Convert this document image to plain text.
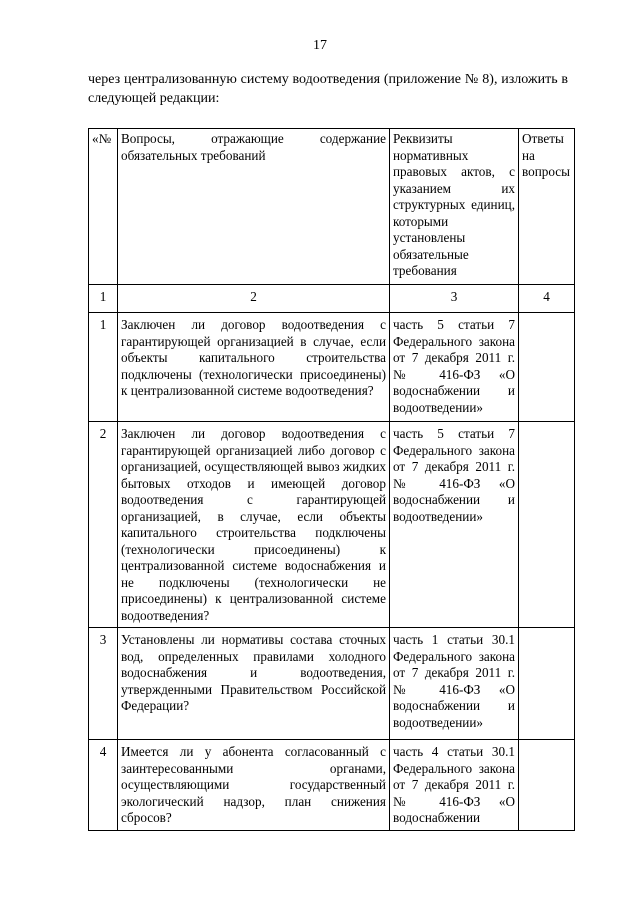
17

через централизованную систему водоотведения (приложение № 8), изложить в следующей редакции:

«№	Вопросы, отражающие содержание обязательных требований	Реквизиты нормативных правовых актов, с указанием их структурных единиц, которыми установлены обязательные требования	Ответы на вопросы
1	2	3	4
1	Заключен ли договор водоотведения с гарантирующей организацией в случае, если объекты капитального строительства подключены (технологически присоединены) к централизованной системе водоотведения?	часть 5 статьи 7 Федерального закона от 7 декабря 2011 г. № 416-ФЗ «О водоснабжении и водоотведении»	
2	Заключен ли договор водоотведения с гарантирующей организацией либо договор с организацией, осуществляющей вывоз жидких бытовых отходов и имеющей договор водоотведения с гарантирующей организацией, в случае, если объекты капитального строительства подключены (технологически присоединены) к централизованной системе водоснабжения и не подключены (технологически не присоединены) к централизованной системе водоотведения?	часть 5 статьи 7 Федерального закона от 7 декабря 2011 г. № 416-ФЗ «О водоснабжении и водоотведении»	
3	Установлены ли нормативы состава сточных вод, определенных правилами холодного водоснабжения и водоотведения, утвержденными Правительством Российской Федерации?	часть 1 статьи 30.1 Федерального закона от 7 декабря 2011 г. № 416-ФЗ «О водоснабжении и водоотведении»	
4	Имеется ли у абонента согласованный с заинтересованными органами, осуществляющими государственный экологический надзор, план снижения сбросов?	часть 4 статьи 30.1 Федерального закона от 7 декабря 2011 г. № 416-ФЗ «О водоснабжении	
